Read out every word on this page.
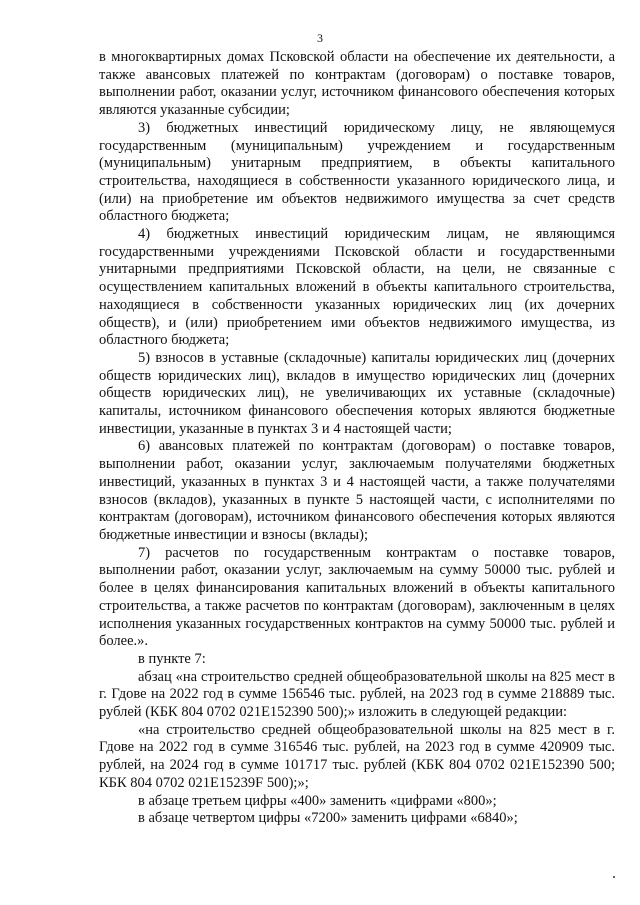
3

в многоквартирных домах Псковской области на обеспечение их деятельности, а также авансовых платежей по контрактам (договорам) о поставке товаров, выполнении работ, оказании услуг, источником финансового обеспечения которых являются указанные субсидии;

3) бюджетных инвестиций юридическому лицу, не являющемуся государственным (муниципальным) учреждением и государственным (муниципальным) унитарным предприятием, в объекты капитального строительства, находящиеся в собственности указанного юридического лица, и (или) на приобретение им объектов недвижимого имущества за счет средств областного бюджета;

4) бюджетных инвестиций юридическим лицам, не являющимся государственными учреждениями Псковской области и государственными унитарными предприятиями Псковской области, на цели, не связанные с осуществлением капитальных вложений в объекты капитального строительства, находящиеся в собственности указанных юридических лиц (их дочерних обществ), и (или) приобретением ими объектов недвижимого имущества, из областного бюджета;

5) взносов в уставные (складочные) капиталы юридических лиц (дочерних обществ юридических лиц), вкладов в имущество юридических лиц (дочерних обществ юридических лиц), не увеличивающих их уставные (складочные) капиталы, источником финансового обеспечения которых являются бюджетные инвестиции, указанные в пунктах 3 и 4 настоящей части;

6) авансовых платежей по контрактам (договорам) о поставке товаров, выполнении работ, оказании услуг, заключаемым получателями бюджетных инвестиций, указанных в пунктах 3 и 4 настоящей части, а также получателями взносов (вкладов), указанных в пункте 5 настоящей части, с исполнителями по контрактам (договорам), источником финансового обеспечения которых являются бюджетные инвестиции и взносы (вклады);

7) расчетов по государственным контрактам о поставке товаров, выполнении работ, оказании услуг, заключаемым на сумму 50000 тыс. рублей и более в целях финансирования капитальных вложений в объекты капитального строительства, а также расчетов по контрактам (договорам), заключенным в целях исполнения указанных государственных контрактов на сумму 50000 тыс. рублей и более.».

в пункте 7:

абзац «на строительство средней общеобразовательной школы на 825 мест в г. Гдове на 2022 год в сумме 156546 тыс. рублей, на 2023 год в сумме 218889 тыс. рублей (КБК 804 0702 021Е152390 500);» изложить в следующей редакции:

«на строительство средней общеобразовательной школы на 825 мест в г. Гдове на 2022 год в сумме 316546 тыс. рублей, на 2023 год в сумме 420909 тыс. рублей, на 2024 год в сумме 101717 тыс. рублей (КБК 804 0702 021Е152390 500; КБК 804 0702 021Е15239F 500);»;

в абзаце третьем цифры «400» заменить «цифрами «800»;

в абзаце четвертом цифры «7200» заменить цифрами «6840»;
